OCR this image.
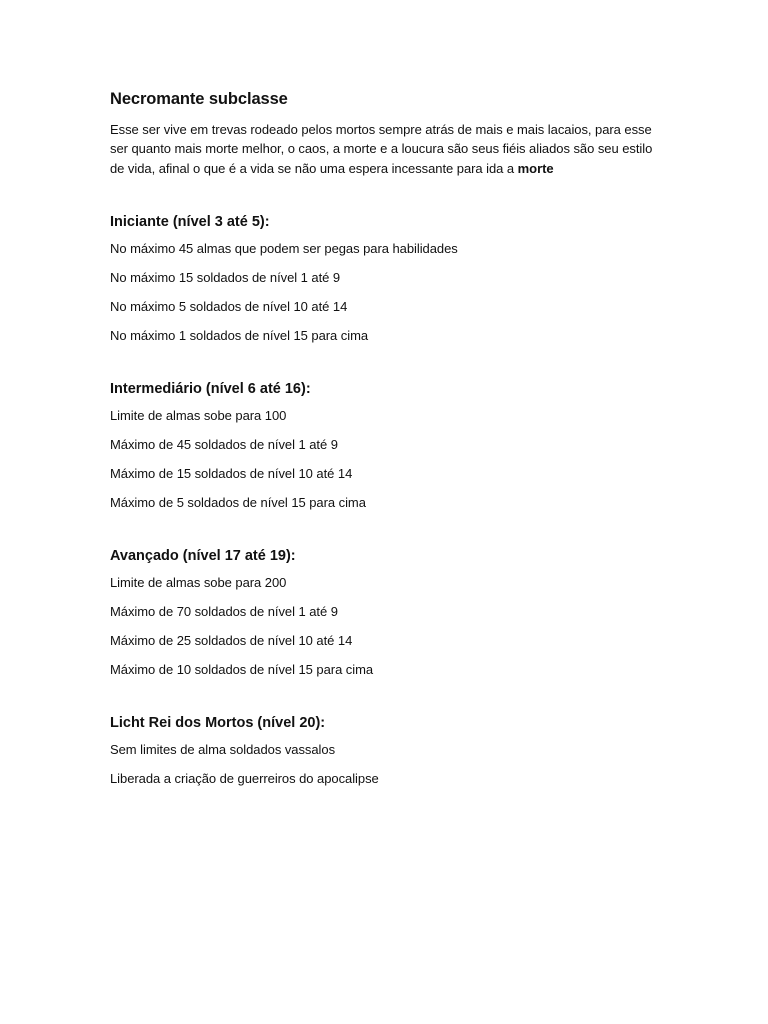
Necromante subclasse

Esse ser vive em trevas rodeado pelos mortos sempre atrás de mais e mais lacaios, para esse ser quanto mais morte melhor, o caos, a morte e a loucura são seus fiéis aliados são seu estilo de vida, afinal o que é a vida se não uma espera incessante para ida a morte

Iniciante (nível 3 até 5):
No máximo 45 almas que podem ser pegas para habilidades
No máximo 15 soldados de nível 1 até 9
No máximo 5 soldados de nível 10 até 14
No máximo 1 soldados de nível 15 para cima
Intermediário (nível 6 até 16):
Limite de almas sobe para 100
Máximo de 45 soldados de nível 1 até 9
Máximo de 15 soldados de nível 10 até 14
Máximo de 5 soldados de nível 15 para cima
Avançado (nível 17 até 19):
Limite de almas sobe para 200
Máximo de 70 soldados de nível 1 até 9
Máximo de 25 soldados de nível 10 até 14
Máximo de 10 soldados de nível 15 para cima
Licht Rei dos Mortos (nível 20):
Sem limites de alma soldados vassalos
Liberada a criação de guerreiros do apocalipse
